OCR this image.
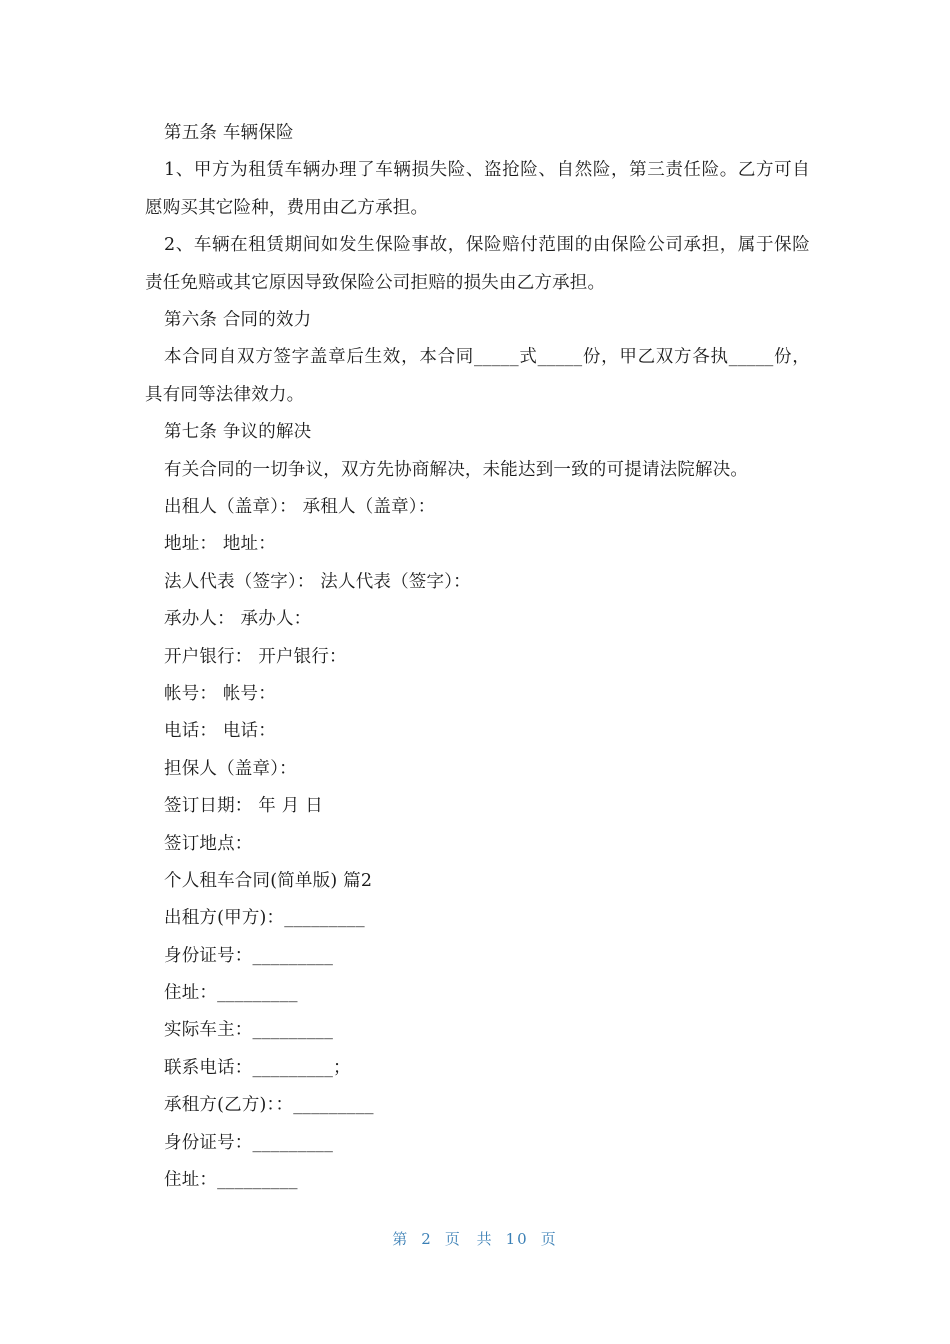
第五条 车辆保险

1、甲方为租赁车辆办理了车辆损失险、盗抢险、自然险，第三责任险。乙方可自愿购买其它险种，费用由乙方承担。

2、车辆在租赁期间如发生保险事故，保险赔付范围的由保险公司承担，属于保险责任免赔或其它原因导致保险公司拒赔的损失由乙方承担。

第六条 合同的效力

本合同自双方签字盖章后生效，本合同_____式_____份，甲乙双方各执_____份，具有同等法律效力。

第七条 争议的解决
有关合同的一切争议，双方先协商解决，未能达到一致的可提请法院解决。
出租人（盖章）： 承租人（盖章）：
地址： 地址：
法人代表（签字）： 法人代表（签字）：
承办人： 承办人：
开户银行： 开户银行：
帐号： 帐号：
电话： 电话：
担保人（盖章）：
签订日期： 年 月 日
签订地点：
个人租车合同(简单版) 篇2
出租方(甲方)：_________
身份证号：_________
住址：_________
实际车主：_________
联系电话：_________；
承租方(乙方)：：_________
身份证号：_________
住址：_________
第 2 页 共 10 页
